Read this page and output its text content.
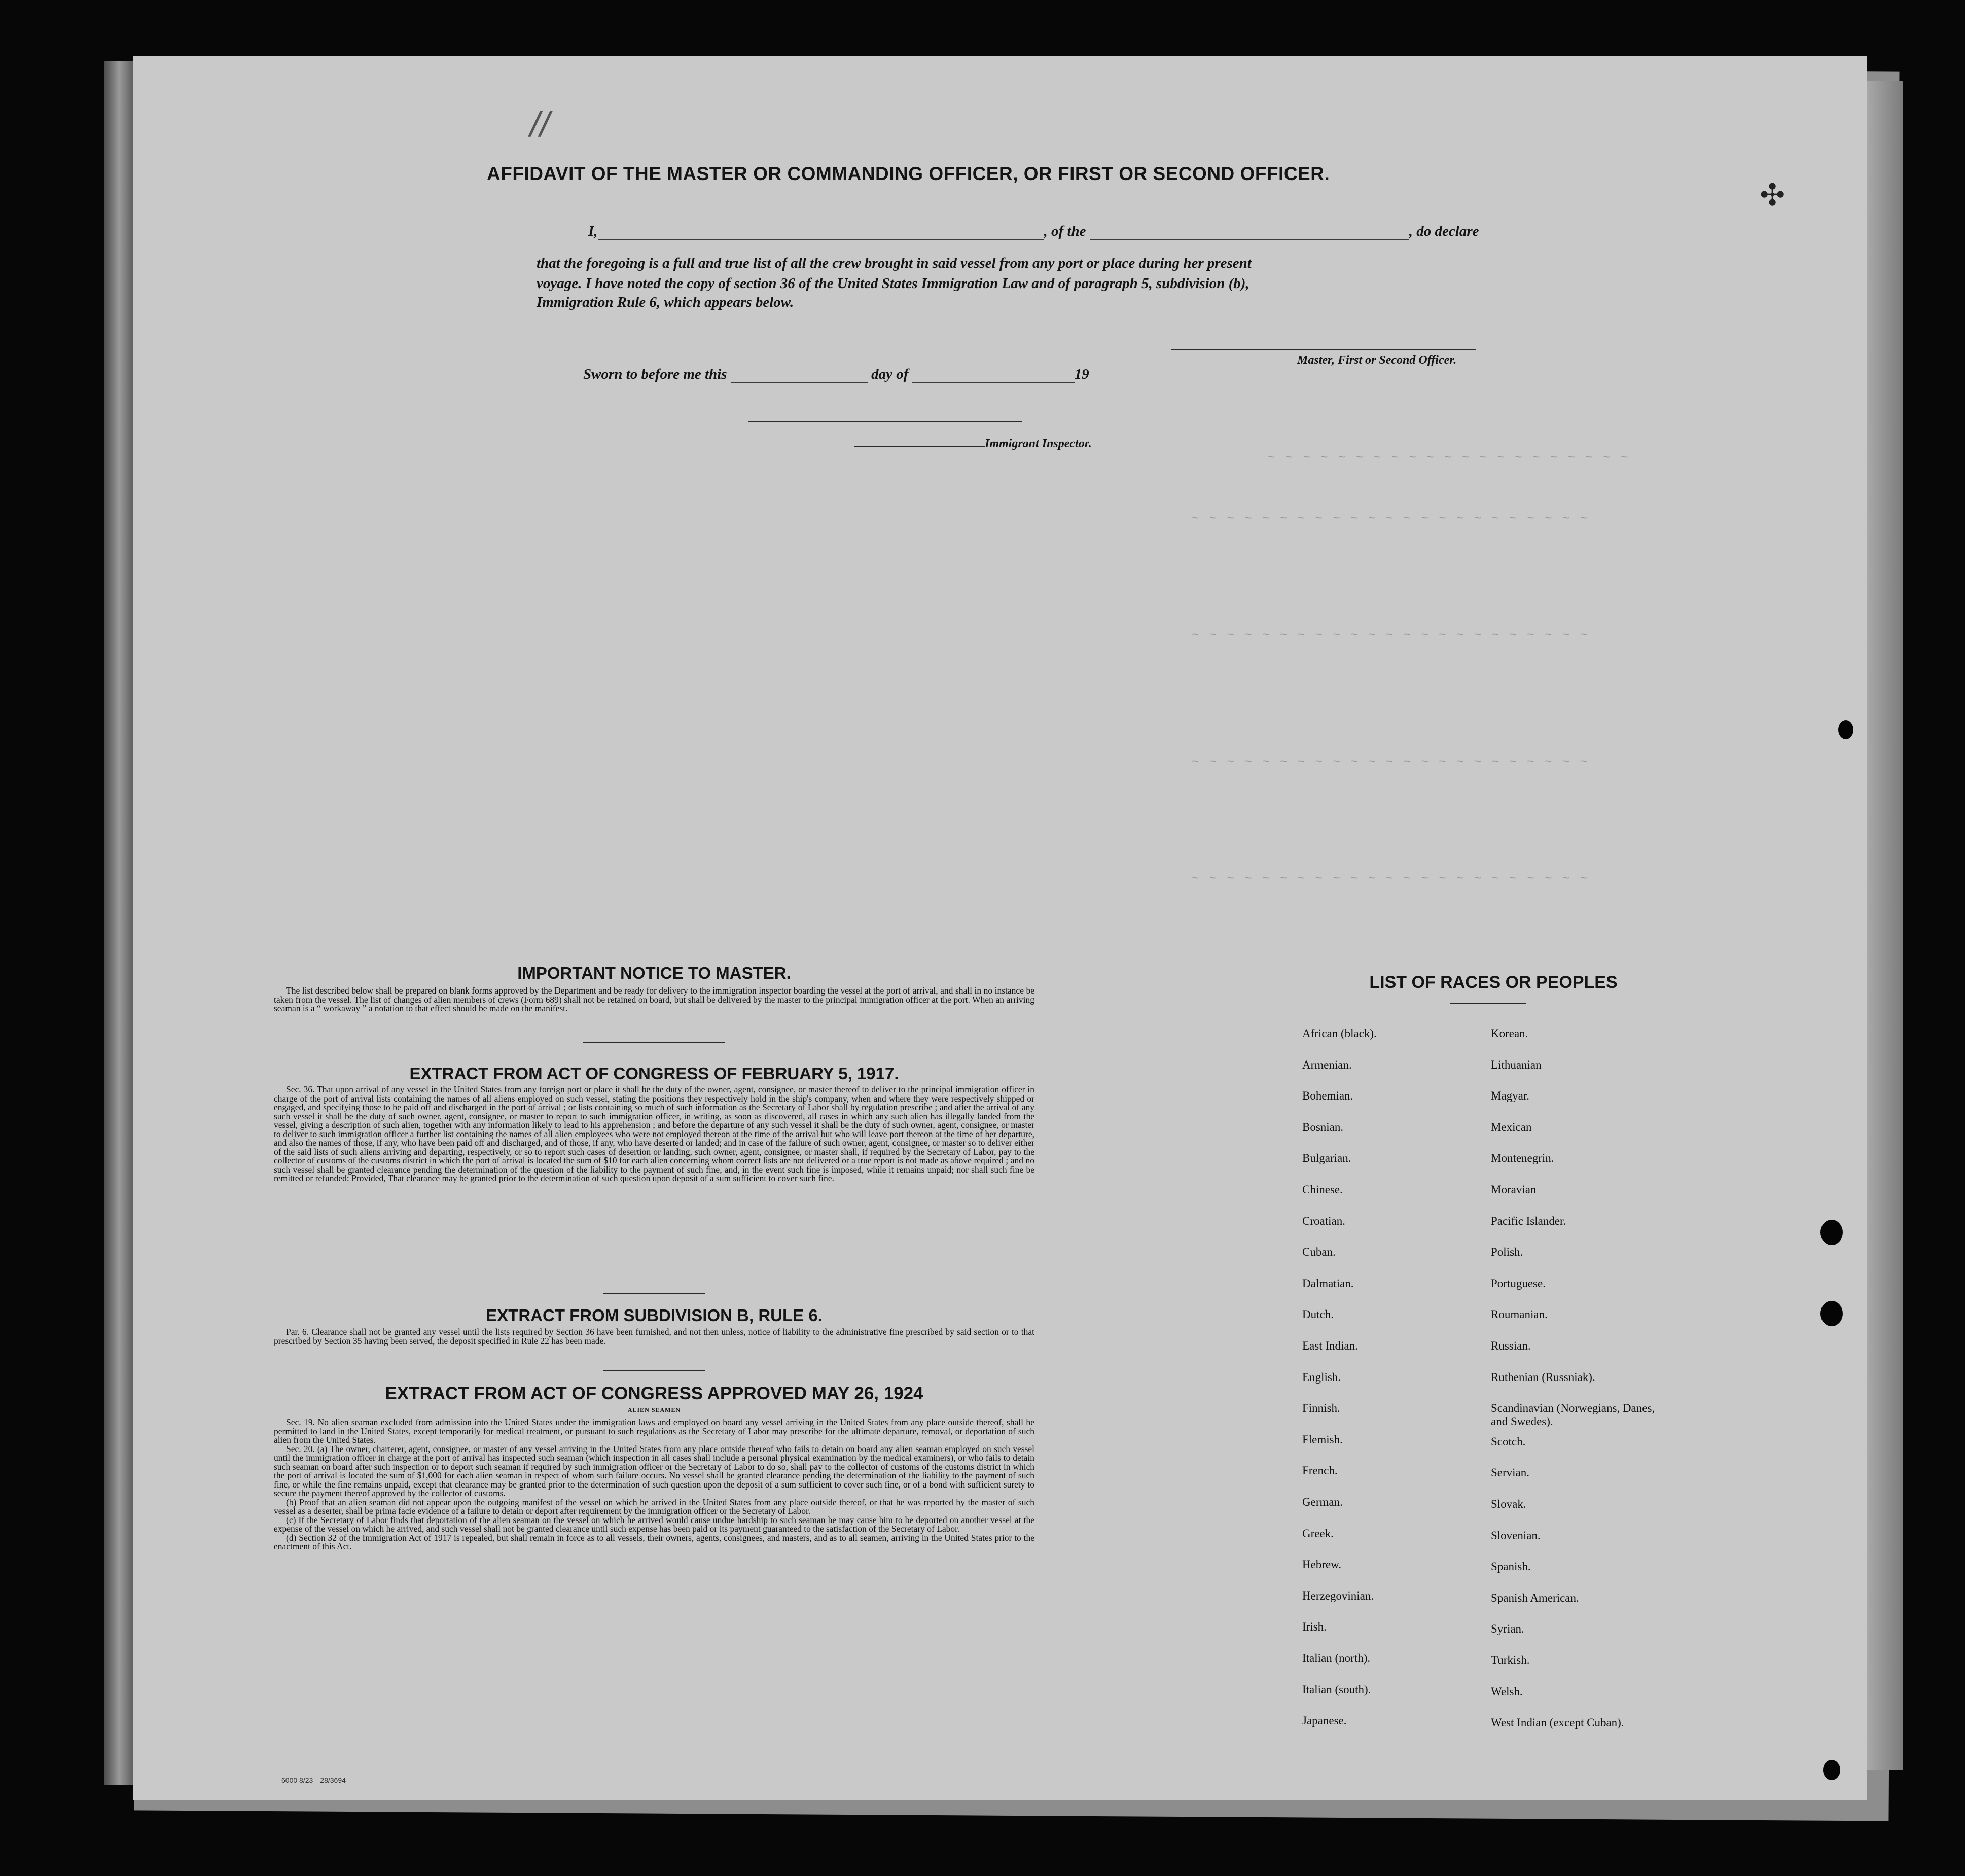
~ ~ ~ ~ ~ ~ ~ ~ ~ ~ ~ ~ ~ ~ ~ ~ ~ ~ ~ ~ ~
~ ~ ~ ~ ~ ~ ~ ~ ~ ~ ~ ~ ~ ~ ~ ~ ~ ~ ~ ~ ~ ~ ~
~ ~ ~ ~ ~ ~ ~ ~ ~ ~ ~ ~ ~ ~ ~ ~ ~ ~ ~ ~ ~ ~ ~
~ ~ ~ ~ ~ ~ ~ ~ ~ ~ ~ ~ ~ ~ ~ ~ ~ ~ ~ ~ ~ ~ ~
~ ~ ~ ~ ~ ~ ~ ~ ~ ~ ~ ~ ~ ~ ~ ~ ~ ~ ~ ~ ~ ~ ~
AFFIDAVIT OF THE MASTER OR COMMANDING OFFICER, OR FIRST OR SECOND OFFICER.
I,	, of the	, do declare
that the foregoing is a full and true list of all the crew brought in said vessel from any port or place during her present
voyage. I have noted the copy of section 36 of the United States Immigration Law and of paragraph 5, subdivision (b),
Immigration Rule 6, which appears below.
Master, First or Second Officer.
Sworn to before me this	day of	19
Immigrant Inspector.
IMPORTANT NOTICE TO MASTER.

The list described below shall be prepared on blank forms approved by the Department and be ready for delivery to the immigration inspector boarding the vessel at the port of arrival, and shall in no instance be taken from the vessel. The list of changes of alien members of crews (Form 689) shall not be retained on board, but shall be delivered by the master to the principal immigration officer at the port. When an arriving seaman is a “ workaway ” a notation to that effect should be made on the manifest.

EXTRACT FROM ACT OF CONGRESS OF FEBRUARY 5, 1917.

Sec. 36. That upon arrival of any vessel in the United States from any foreign port or place it shall be the duty of the owner, agent, consignee, or master thereof to deliver to the principal immigration officer in charge of the port of arrival lists containing the names of all aliens employed on such vessel, stating the positions they respectively hold in the ship's company, when and where they were respectively shipped or engaged, and specifying those to be paid off and discharged in the port of arrival ; or lists containing so much of such information as the Secretary of Labor shall by regulation prescribe ; and after the arrival of any such vessel it shall be the duty of such owner, agent, consignee, or master to report to such immigration officer, in writing, as soon as discovered, all cases in which any such alien has illegally landed from the vessel, giving a description of such alien, together with any information likely to lead to his apprehension ; and before the departure of any such vessel it shall be the duty of such owner, agent, consignee, or master to deliver to such immigration officer a further list containing the names of all alien employees who were not employed thereon at the time of the arrival but who will leave port thereon at the time of her departure, and also the names of those, if any, who have been paid off and discharged, and of those, if any, who have deserted or landed; and in case of the failure of such owner, agent, consignee, or master so to deliver either of the said lists of such aliens arriving and departing, respectively, or so to report such cases of desertion or landing, such owner, agent, consignee, or master shall, if required by the Secretary of Labor, pay to the collector of customs of the customs district in which the port of arrival is located the sum of $10 for each alien concerning whom correct lists are not delivered or a true report is not made as above required ; and no such vessel shall be granted clearance pending the determination of the question of the liability to the payment of such fine, and, in the event such fine is imposed, while it remains unpaid; nor shall such fine be remitted or refunded: Provided, That clearance may be granted prior to the determination of such question upon deposit of a sum sufficient to cover such fine.

EXTRACT FROM SUBDIVISION B, RULE 6.

Par. 6. Clearance shall not be granted any vessel until the lists required by Section 36 have been furnished, and not then unless, notice of liability to the administrative fine prescribed by said section or to that prescribed by Section 35 having been served, the deposit specified in Rule 22 has been made.

EXTRACT FROM ACT OF CONGRESS APPROVED MAY 26, 1924
ALIEN SEAMEN

Sec. 19. No alien seaman excluded from admission into the United States under the immigration laws and employed on board any vessel arriving in the United States from any place outside thereof, shall be permitted to land in the United States, except temporarily for medical treatment, or pursuant to such regulations as the Secretary of Labor may prescribe for the ultimate departure, removal, or deportation of such alien from the United States.

Sec. 20. (a) The owner, charterer, agent, consignee, or master of any vessel arriving in the United States from any place outside thereof who fails to detain on board any alien seaman employed on such vessel until the immigration officer in charge at the port of arrival has inspected such seaman (which inspection in all cases shall include a personal physical examination by the medical examiners), or who fails to detain such seaman on board after such inspection or to deport such seaman if required by such immigration officer or the Secretary of Labor to do so, shall pay to the collector of customs of the customs district in which the port of arrival is located the sum of $1,000 for each alien seaman in respect of whom such failure occurs. No vessel shall be granted clearance pending the determination of the liability to the payment of such fine, or while the fine remains unpaid, except that clearance may be granted prior to the determination of such question upon the deposit of a sum sufficient to cover such fine, or of a bond with sufficient surety to secure the payment thereof approved by the collector of customs.

(b) Proof that an alien seaman did not appear upon the outgoing manifest of the vessel on which he arrived in the United States from any place outside thereof, or that he was reported by the master of such vessel as a deserter, shall be prima facie evidence of a failure to detain or deport after requirement by the immigration officer or the Secretary of Labor.

(c) If the Secretary of Labor finds that deportation of the alien seaman on the vessel on which he arrived would cause undue hardship to such seaman he may cause him to be deported on another vessel at the expense of the vessel on which he arrived, and such vessel shall not be granted clearance until such expense has been paid or its payment guaranteed to the satisfaction of the Secretary of Labor.

(d) Section 32 of the Immigration Act of 1917 is repealed, but shall remain in force as to all vessels, their owners, agents, consignees, and masters, and as to all seamen, arriving in the United States prior to the enactment of this Act.

LIST OF RACES OR PEOPLES
African (black).
Armenian.
Bohemian.
Bosnian.
Bulgarian.
Chinese.
Croatian.
Cuban.
Dalmatian.
Dutch.
East Indian.
English.
Finnish.
Flemish.
French.
German.
Greek.
Hebrew.
Herzegovinian.
Irish.
Italian (north).
Italian (south).
Japanese.
Korean.
Lithuanian
Magyar.
Mexican
Montenegrin.
Moravian
Pacific Islander.
Polish.
Portuguese.
Roumanian.
Russian.
Ruthenian (Russniak).
Scandinavian (Norwegians, Danes, and Swedes).
Scotch.
Servian.
Slovak.
Slovenian.
Spanish.
Spanish American.
Syrian.
Turkish.
Welsh.
West Indian (except Cuban).
6000 8/23—28/3694
//
✣
